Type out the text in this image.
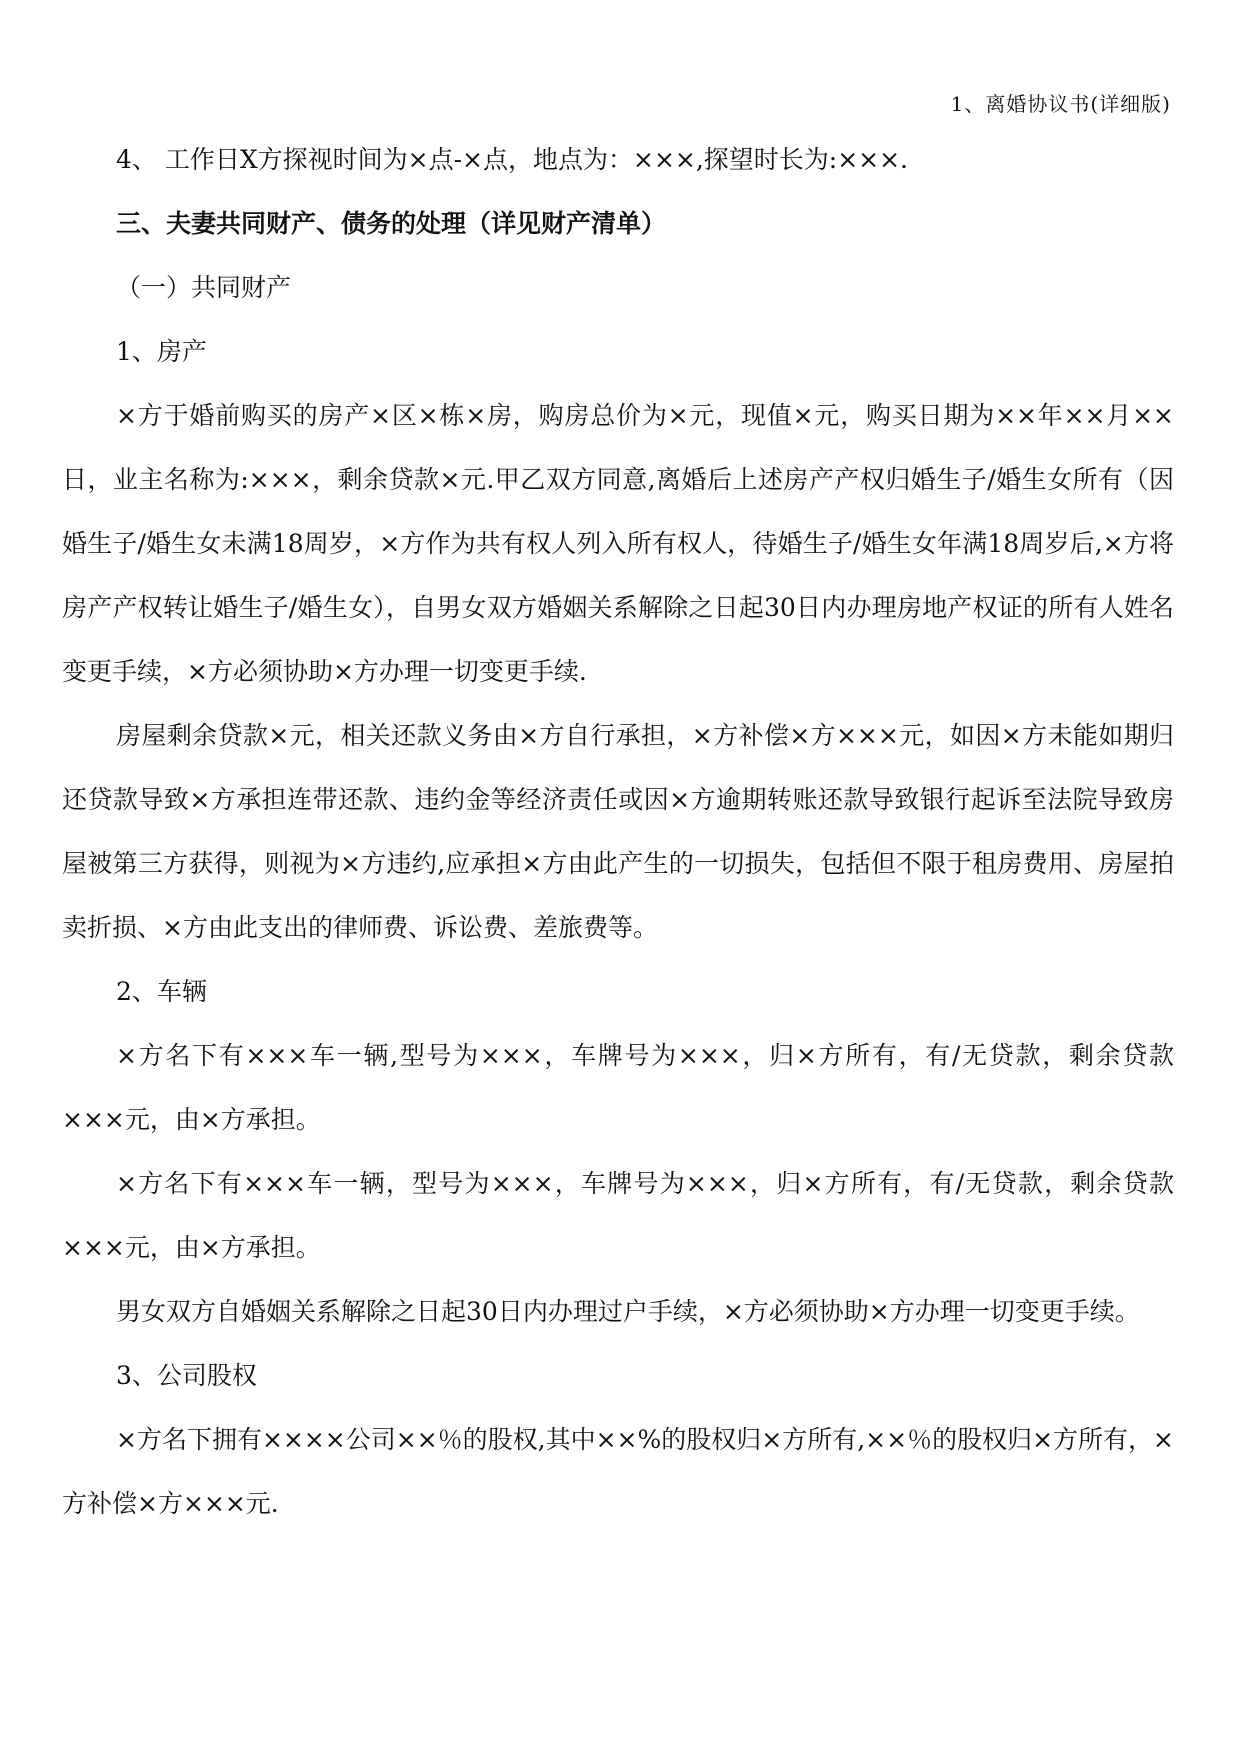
1、离婚协议书(详细版)

4、 工作日X方探视时间为×点-×点，地点为：×××,探望时长为:×××.

三、夫妻共同财产、债务的处理（详见财产清单）

（一）共同财产

1、房产

×方于婚前购买的房产×区×栋×房，购房总价为×元，现值×元，购买日期为××年××月××日，业主名称为:×××，剩余贷款×元.甲乙双方同意,离婚后上述房产产权归婚生子/婚生女所有（因婚生子/婚生女未满18周岁，×方作为共有权人列入所有权人，待婚生子/婚生女年满18周岁后,×方将房产产权转让婚生子/婚生女），自男女双方婚姻关系解除之日起30日内办理房地产权证的所有人姓名变更手续，×方必须协助×方办理一切变更手续.

房屋剩余贷款×元，相关还款义务由×方自行承担，×方补偿×方×××元，如因×方未能如期归还贷款导致×方承担连带还款、违约金等经济责任或因×方逾期转账还款导致银行起诉至法院导致房屋被第三方获得，则视为×方违约,应承担×方由此产生的一切损失，包括但不限于租房费用、房屋拍卖折损、×方由此支出的律师费、诉讼费、差旅费等。

2、车辆

×方名下有×××车一辆,型号为×××，车牌号为×××，归×方所有，有/无贷款，剩余贷款×××元，由×方承担。

×方名下有×××车一辆，型号为×××，车牌号为×××，归×方所有，有/无贷款，剩余贷款×××元，由×方承担。

男女双方自婚姻关系解除之日起30日内办理过户手续，×方必须协助×方办理一切变更手续。

3、公司股权

×方名下拥有××××公司××％的股权,其中××%的股权归×方所有,××％的股权归×方所有，×方补偿×方×××元.
